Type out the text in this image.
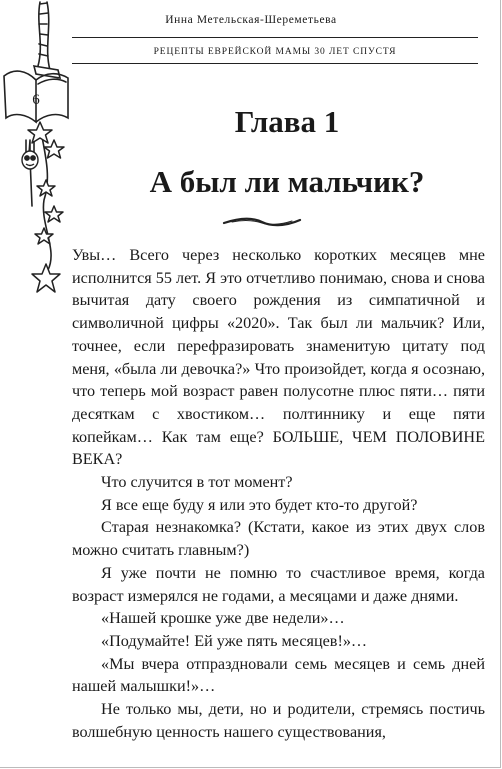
Инна Метельская-Шереметьева
РЕЦЕПТЫ ЕВРЕЙСКОЙ МАМЫ 30 ЛЕТ СПУСТЯ
6
Глава 1
А был ли мальчик?

Увы… Всего через несколько коротких месяцев мне исполнится 55 лет. Я это отчетливо понимаю, снова и снова вычитая дату своего рождения из симпатичной и символичной цифры «2020». Так был ли мальчик? Или, точнее, если перефразировать знаменитую цитату под меня, «была ли девочка?» Что произойдет, когда я осознаю, что теперь мой возраст равен полусотне плюс пяти… пяти десяткам с хвостиком… полтиннику и еще пяти копейкам… Как там еще? БОЛЬШЕ, ЧЕМ ПОЛОВИНЕ ВЕКА?

Что случится в тот момент?

Я все еще буду я или это будет кто-то другой?

Старая незнакомка? (Кстати, какое из этих двух слов можно считать главным?)

Я уже почти не помню то счастливое время, когда возраст измерялся не годами, а месяцами и даже днями.

«Нашей крошке уже две недели»…

«Подумайте! Ей уже пять месяцев!»…

«Мы вчера отпраздновали семь месяцев и семь дней нашей малышки!»…

Не только мы, дети, но и родители, стремясь постичь волшебную ценность нашего существования,
